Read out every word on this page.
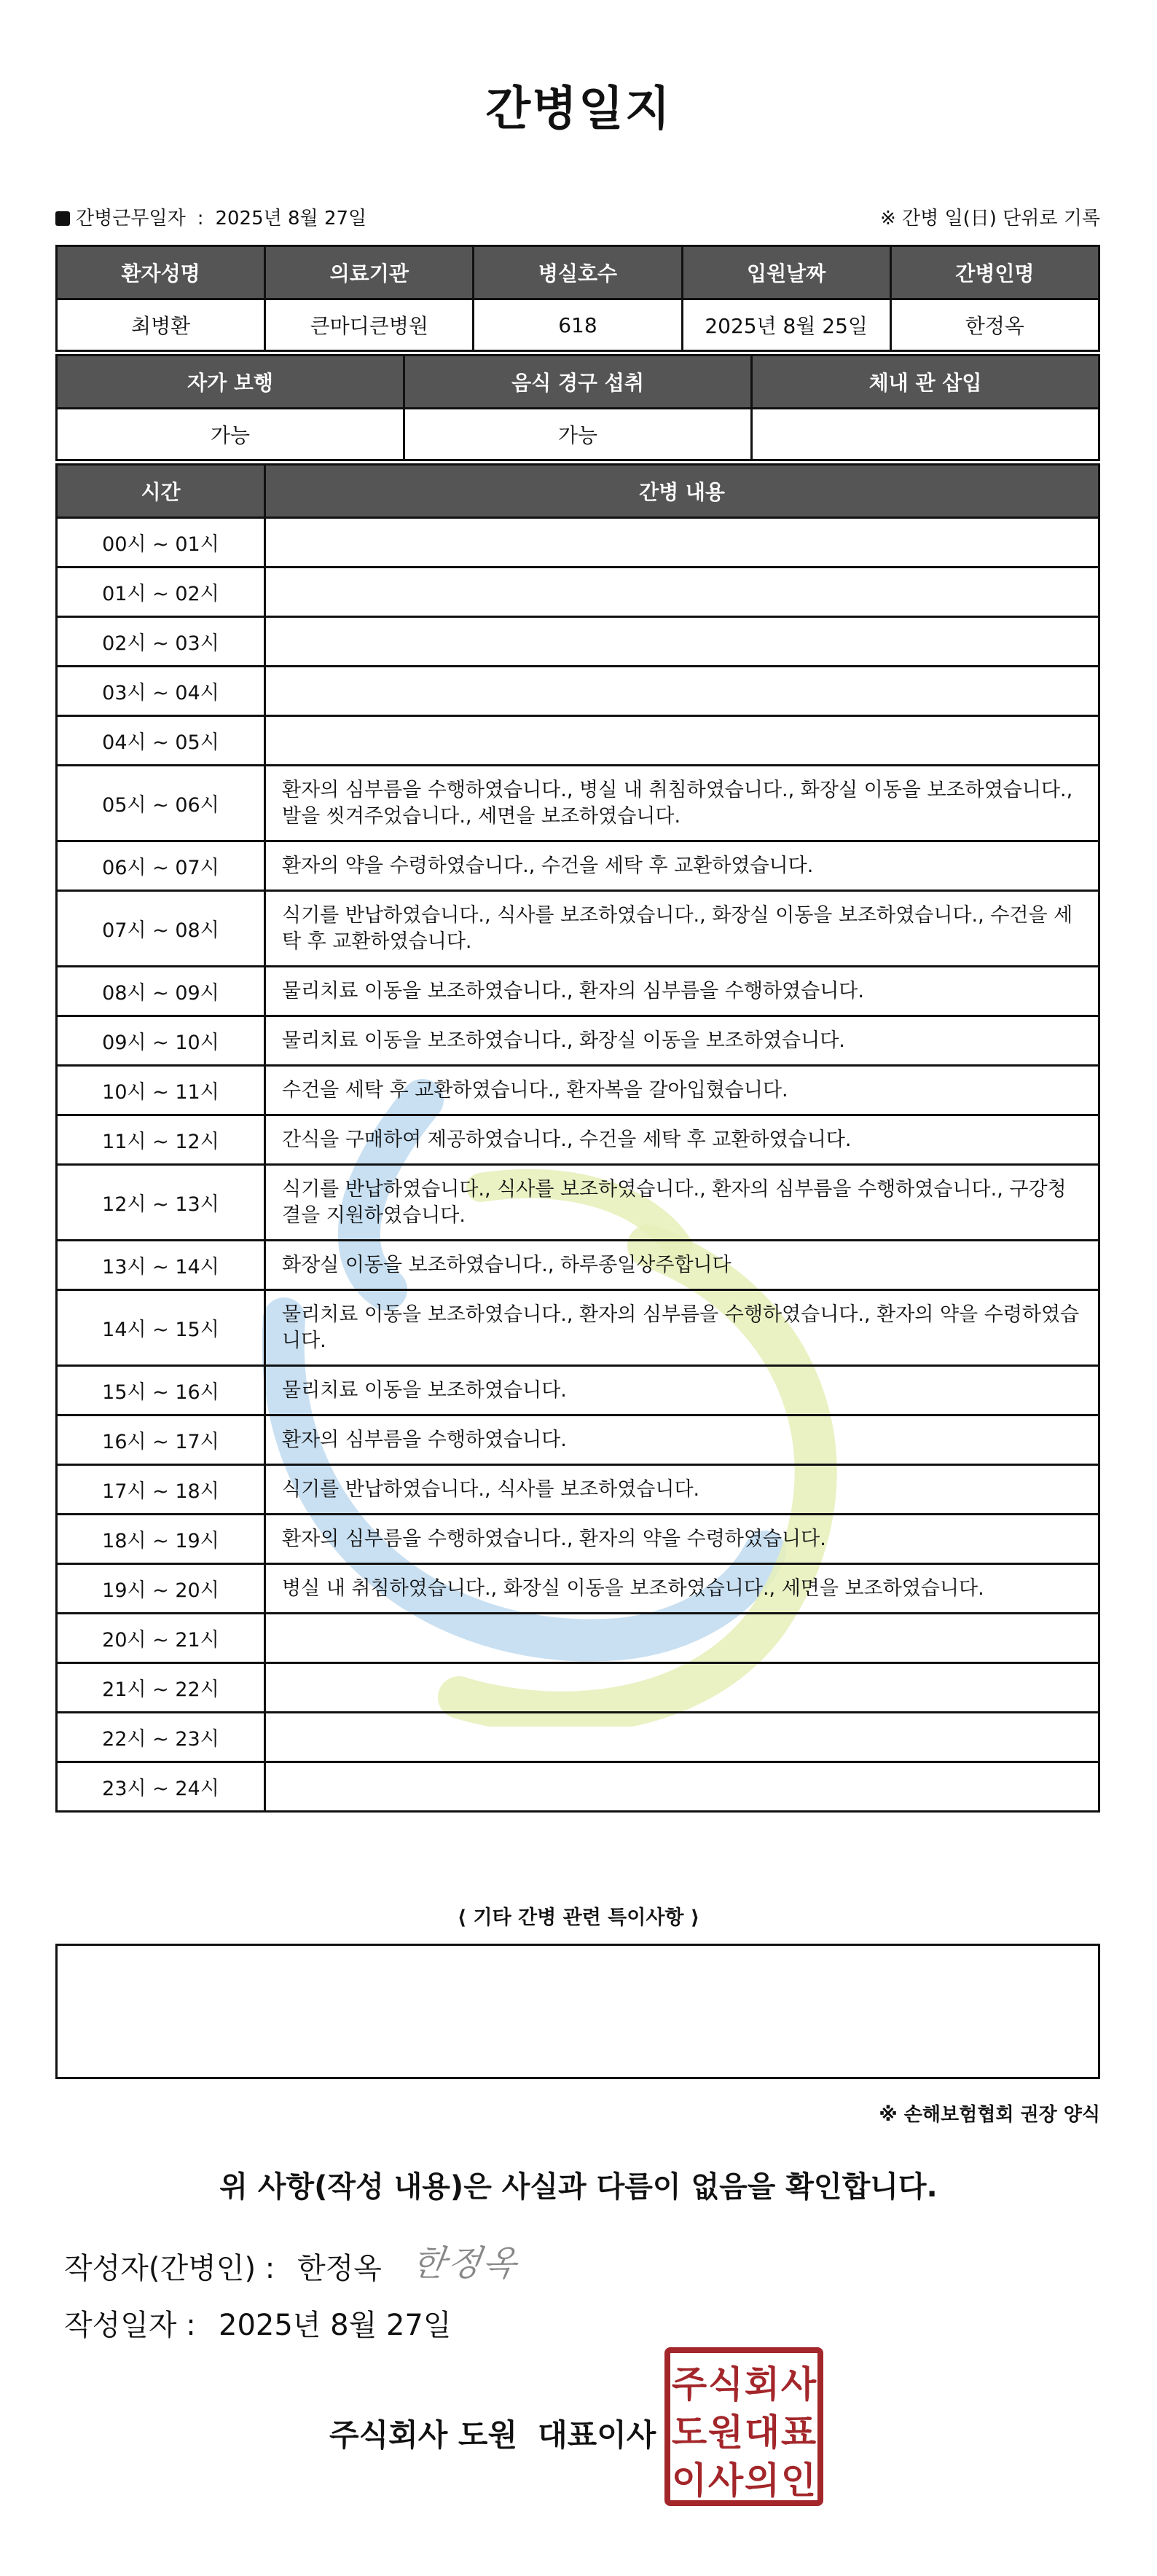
간병일지
간병근무일자 : 2025년 8월 27일	※ 간병 일(日) 단위로 기록
환자성명	의료기관	병실호수	입원날짜	간병인명
최병환	큰마디큰병원	618	2025년 8월 25일	한정옥
자가 보행	음식 경구 섭취	체내 관 삽입
가능	가능	
시간	간병 내용
00시 ~ 01시	
01시 ~ 02시	
02시 ~ 03시	
03시 ~ 04시	
04시 ~ 05시	
05시 ~ 06시	환자의 심부름을 수행하였습니다., 병실 내 취침하였습니다., 화장실 이동을 보조하였습니다., 발을 씻겨주었습니다., 세면을 보조하였습니다.
06시 ~ 07시	환자의 약을 수령하였습니다., 수건을 세탁 후 교환하였습니다.
07시 ~ 08시	식기를 반납하였습니다., 식사를 보조하였습니다., 화장실 이동을 보조하였습니다., 수건을 세탁 후 교환하였습니다.
08시 ~ 09시	물리치료 이동을 보조하였습니다., 환자의 심부름을 수행하였습니다.
09시 ~ 10시	물리치료 이동을 보조하였습니다., 화장실 이동을 보조하였습니다.
10시 ~ 11시	수건을 세탁 후 교환하였습니다., 환자복을 갈아입혔습니다.
11시 ~ 12시	간식을 구매하여 제공하였습니다., 수건을 세탁 후 교환하였습니다.
12시 ~ 13시	식기를 반납하였습니다., 식사를 보조하였습니다., 환자의 심부름을 수행하였습니다., 구강청결을 지원하였습니다.
13시 ~ 14시	화장실 이동을 보조하였습니다., 하루종일상주합니다
14시 ~ 15시	물리치료 이동을 보조하였습니다., 환자의 심부름을 수행하였습니다., 환자의 약을 수령하였습니다.
15시 ~ 16시	물리치료 이동을 보조하였습니다.
16시 ~ 17시	환자의 심부름을 수행하였습니다.
17시 ~ 18시	식기를 반납하였습니다., 식사를 보조하였습니다.
18시 ~ 19시	환자의 심부름을 수행하였습니다., 환자의 약을 수령하였습니다.
19시 ~ 20시	병실 내 취침하였습니다., 화장실 이동을 보조하였습니다., 세면을 보조하였습니다.
20시 ~ 21시	
21시 ~ 22시	
22시 ~ 23시	
23시 ~ 24시	
⟨ 기타 간병 관련 특이사항 ⟩
※ 손해보험협회 권장 양식
위 사항(작성 내용)은 사실과 다름이 없음을 확인합니다.
작성자(간병인) : 한정옥 한정옥
작성일자 : 2025년 8월 27일
주식회사 도원 대표이사
주 식 회 사
도 원 대 표
이 사 의 인
